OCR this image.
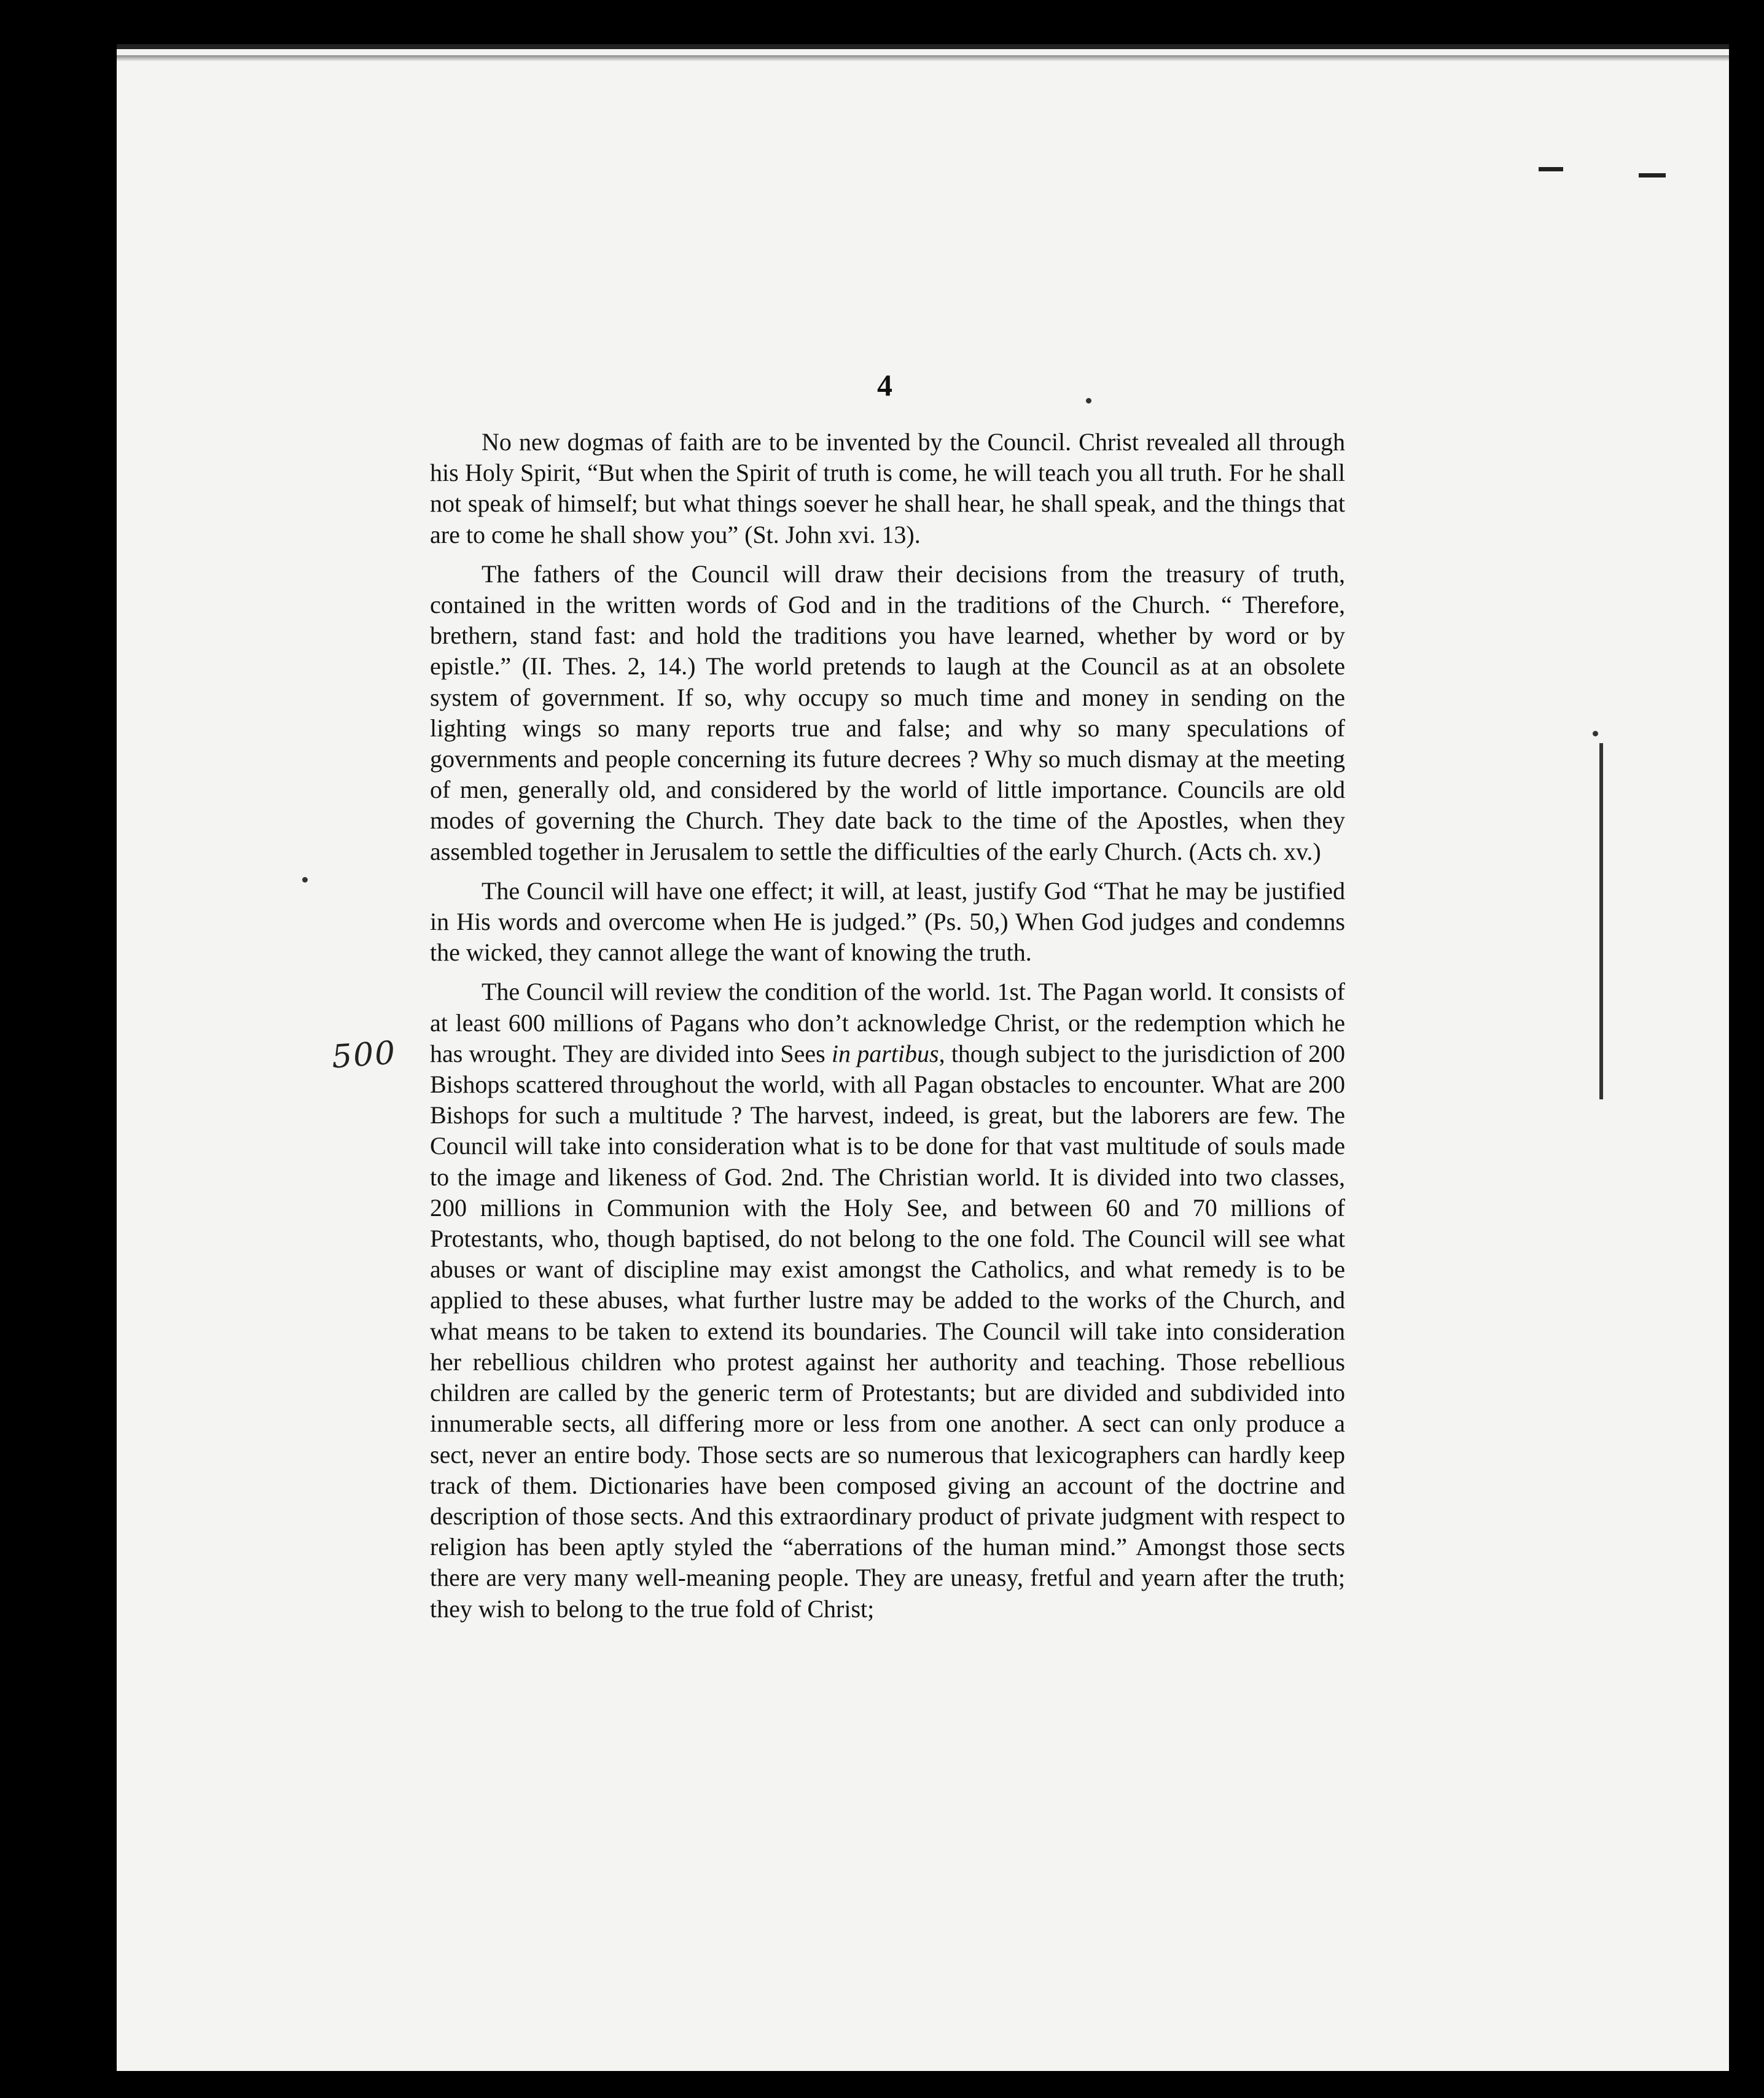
4
500

No new dogmas of faith are to be invented by the Council. Christ revealed all through his Holy Spirit, “But when the Spirit of truth is come, he will teach you all truth. For he shall not speak of himself; but what things soever he shall hear, he shall speak, and the things that are to come he shall show you” (St. John xvi. 13).

The fathers of the Council will draw their decisions from the treasury of truth, contained in the written words of God and in the traditions of the Church. “ Therefore, brethern, stand fast: and hold the traditions you have learned, whether by word or by epistle.” (II. Thes. 2, 14.) The world pretends to laugh at the Council as at an obsolete system of government. If so, why occupy so much time and money in sending on the lighting wings so many reports true and false; and why so many speculations of governments and people concerning its future decrees ? Why so much dismay at the meeting of men, generally old, and considered by the world of little importance. Councils are old modes of governing the Church. They date back to the time of the Apostles, when they assembled together in Jerusalem to settle the difficulties of the early Church. (Acts ch. xv.)

The Council will have one effect; it will, at least, justify God “That he may be justified in His words and overcome when He is judged.” (Ps. 50,) When God judges and condemns the wicked, they cannot allege the want of knowing the truth.

The Council will review the condition of the world. 1st. The Pagan world. It consists of at least 600 millions of Pagans who don’t acknowledge Christ, or the redemption which he has wrought. They are divided into Sees in partibus, though subject to the jurisdiction of 200 Bishops scattered throughout the world, with all Pagan obstacles to encounter. What are 200 Bishops for such a multitude ? The harvest, indeed, is great, but the laborers are few. The Council will take into consideration what is to be done for that vast multitude of souls made to the image and likeness of God. 2nd. The Christian world. It is divided into two classes, 200 millions in Communion with the Holy See, and between 60 and 70 millions of Protestants, who, though baptised, do not belong to the one fold. The Council will see what abuses or want of discipline may exist amongst the Catholics, and what remedy is to be applied to these abuses, what further lustre may be added to the works of the Church, and what means to be taken to extend its boundaries. The Council will take into consideration her rebellious children who protest against her authority and teaching. Those rebellious children are called by the generic term of Protestants; but are divided and subdivided into innumerable sects, all differing more or less from one another. A sect can only produce a sect, never an entire body. Those sects are so numerous that lexicographers can hardly keep track of them. Dictionaries have been composed giving an account of the doctrine and description of those sects. And this extraordinary product of private judgment with respect to religion has been aptly styled the “aberrations of the human mind.” Amongst those sects there are very many well-meaning people. They are uneasy, fretful and yearn after the truth; they wish to belong to the true fold of Christ;
